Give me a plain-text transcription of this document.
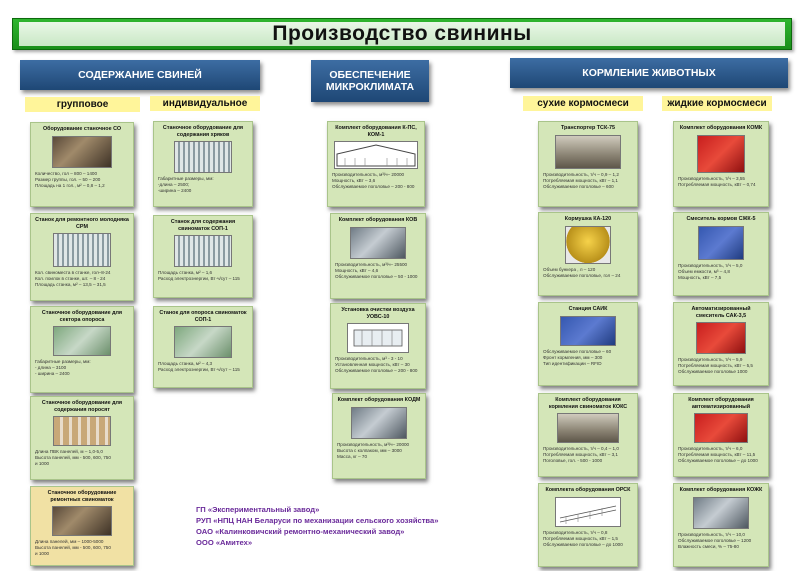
Производство свинины
СОДЕРЖАНИЕ СВИНЕЙ	ОБЕСПЕЧЕНИЕ МИКРОКЛИМАТА
КОРМЛЕНИЕ ЖИВОТНЫХ
групповое	индивидуальное	сухие кормосмеси	жидкие кормосмеси
Оборудование станочное СО
Количество, гол – 800 – 1400
Размер группы, гол. – 50 – 200
Площадь на 1 гол., м² – 0,8 – 1,2
Станок для ремонтного молодняка СРМ
Кол. свиноместа в станке, гол–8-24
Кол. поилок в станке, шт. – 8 - 24
Площадь станка, м² – 13,5 – 31,5
Станочное оборудование для сектора опороса
Габаритные размеры, мм:
- длина – 3100
- ширина – 2400
Станочное оборудование для содержания поросят
Длина ПВК панелей, м – 1,0-5,0
Высота панелей, мм - 500, 600, 750
и 1000
Станочное оборудование ремонтных свиноматок
Длина панелей, мм – 1000-5000
Высота панелей, мм - 500, 600, 750
и 1000
Станочное оборудование для содержания хряков
Габаритные размеры, мм:
-длина – 2500;
-ширина – 2400
Станок для содержания свиноматок СОП-1
Площадь станка, м² – 1,6
Расход электроэнергии, Вт·ч/сут – 115
Станок для опороса свиноматок СОП-1
Площадь станка, м² – 4,3
Расход электроэнергии, Вт·ч/сут – 115
Комплект оборудования К-ПС, КОМ-1
Производительность, м³/ч– 20000
Мощность, кВт – 3,6
Обслуживаемое поголовье – 200 - 800
Комплект оборудования КОВ
Производительность, м³/ч– 25500
Мощность, кВт – 4,6
Обслуживаемое поголовье – 50 - 1000
Установка очистки воздуха УОВС-10
Производительность, м³ - 3 - 10
Установленная мощность, кВт – 30
Обслуживаемое поголовье – 200 - 800
Комплект оборудования КОДМ
Производительность, м³/ч– 20000
Высота с колпаком, мм – 3000
Масса, кг – 70
Транспортер ТСК-75
Производительность, т/ч – 0,9 – 1,2
Потребляемая мощность, кВт – 1,1
Обслуживаемое поголовье – 600
Кормушка КА-120
Объем бункера , л – 120
Обслуживаемое поголовье, гол – 24
Станция САИК
Обслуживаемое поголовье – 60
Фронт кормления, мм – 300
Тип идентификации – RFID
Комплект оборудования кормления свиноматок КОКС
Производительность, т/ч – 0,4 – 1,0
Потребляемая мощность, кВт – 3,1
Поголовье, гол. - 500 - 1000
Комплекта оборудования ОРСК
Производительность, т/ч – 0,8
Потребляемая мощность, кВт – 1,5
Обслуживаемое поголовье – до 1000
Комплект оборудования КОМК
Производительность, т/ч – 3,55
Потребляемая мощность, кВт – 0,74
Смеситель кормов СЖК-5
Производительность, т/ч – 5,0
Объем емкости, м³ – 4,8
Мощность, кВт – 7,5
Автоматизированный смеситель САК-3,5
Производительность, т/ч – 5,9
Потребляемая мощность, кВт – 5,5
Обслуживаемое поголовье 1000
Комплект оборудования автоматизированный
Производительность, т/ч – 6,0
Потребляемая мощность, кВт – 11,5
Обслуживаемое поголовье – до 1000
Комплект оборудования КОЖК
Производительность, т/ч – 10,0
Обслуживаемое поголовье – 1200
Влажность смеси, % – 75-80
ГП «Экспериментальный завод»
РУП «НПЦ НАН Беларуси по механизации сельского хозяйства»
ОАО «Калинковичский ремонтно-механический завод»
ООО «Амитех»
